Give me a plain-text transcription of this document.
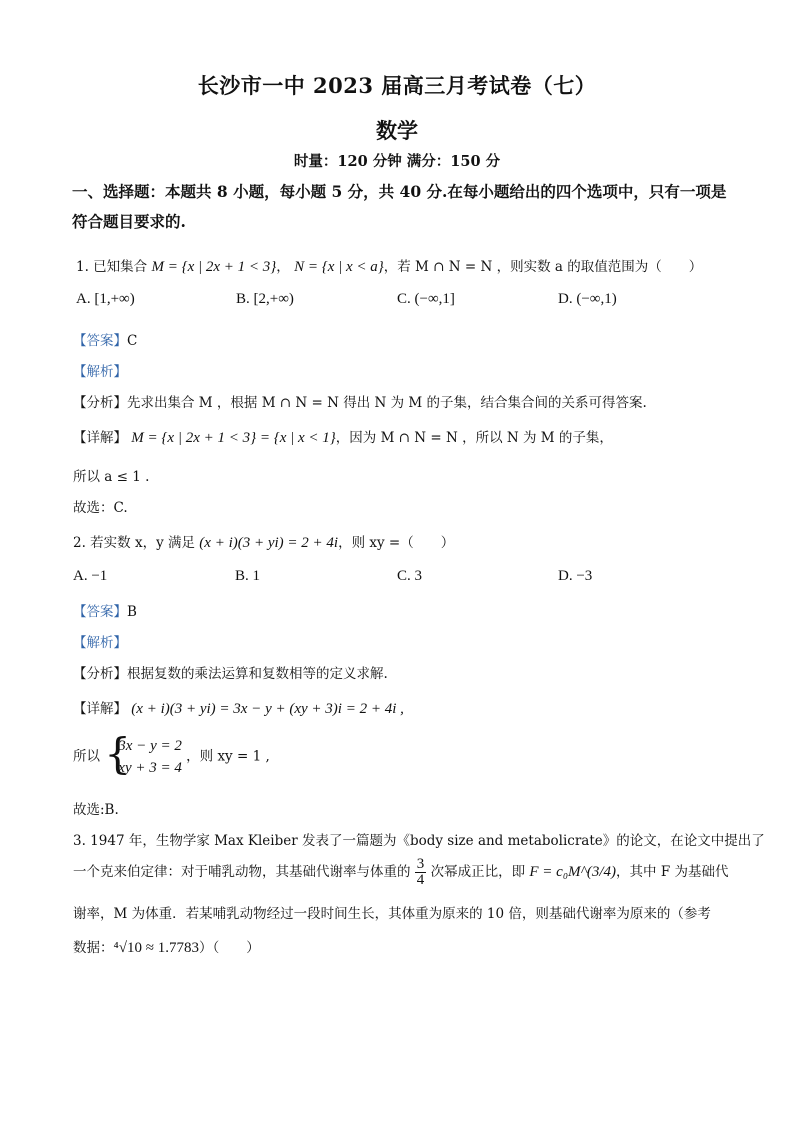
长沙市一中 2023 届高三月考试卷（七）
数学
时量：120 分钟 满分：150 分
一、选择题：本题共 8 小题，每小题 5 分，共 40 分.在每小题给出的四个选项中，只有一项是
符合题目要求的.
1. 已知集合 M = {x | 2x + 1 < 3}， N = {x | x < a}，若 M ∩ N = N ，则实数 a 的取值范围为（　　）
A. [1,+∞)	B. [2,+∞)	C. (−∞,1]	D. (−∞,1)
【答案】C
【解析】
【分析】先求出集合 M ，根据 M ∩ N = N 得出 N 为 M 的子集，结合集合间的关系可得答案.
【详解】 M = {x | 2x + 1 < 3} = {x | x < 1}，因为 M ∩ N = N ，所以 N 为 M 的子集，
所以 a ≤ 1 .
故选：C.
2. 若实数 x，y 满足 (x + i)(3 + yi) = 2 + 4i，则 xy =（　　）
A. −1	B. 1	C. 3	D. −3
【答案】B
【解析】
【分析】根据复数的乘法运算和复数相等的定义求解.
【详解】 (x + i)(3 + yi) = 3x − y + (xy + 3)i = 2 + 4i ,
所以 {
3x − y = 2
xy + 3 = 4
，则 xy = 1 ,
故选:B.
3. 1947 年，生物学家 Max Kleiber 发表了一篇题为《body size and metabolicrate》的论文，在论文中提出了
一个克来伯定律：对于哺乳动物，其基础代谢率与体重的 $\frac{3}{4}$ 次幂成正比，即 F = c₀M^(3/4)，其中 F 为基础代
谢率，M 为体重．若某哺乳动物经过一段时间生长，其体重为原来的 10 倍，则基础代谢率为原来的（参考
数据：⁴√10 ≈ 1.7783）（　　）
